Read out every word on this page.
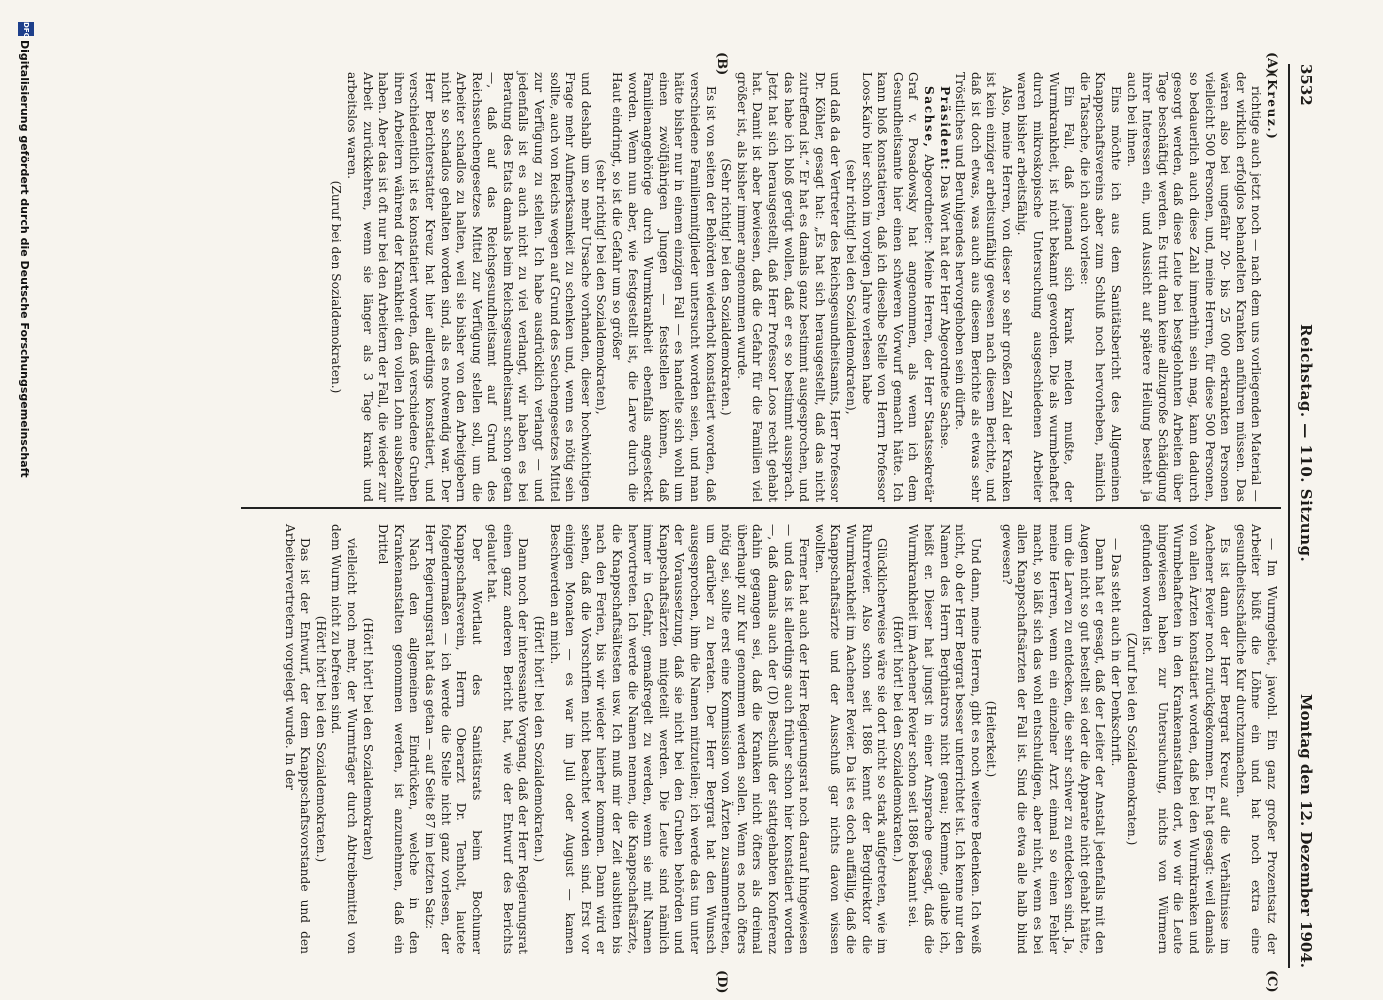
3532
Reichstag. — 110. Sitzung.
Montag den 12. Dezember 1904.
(A)
(B)
(C)
(D)

(Kreuz.)

richtige auch jetzt noch — nach dem uns vorliegenden Material — der wirklich erfolglos behandelten Kranken anführen müssen. Das wären also bei ungefähr 20- bis 25 000 erkrankten Personen vielleicht 500 Personen, und, meine Herren, für diese 500 Personen, so bedauerlich auch diese Zahl immerhin sein mag, kann dadurch gesorgt werden, daß diese Leute bei bestgelohnten Arbeiten über Tage beschäftigt werden. Es tritt dann keine allzugroße Schädigung ihrer Interessen ein, und Aussicht auf spätere Heilung besteht ja auch bei ihnen.

Eins möchte ich aus dem Sanitätsbericht des Allgemeinen Knappschaftsvereins aber zum Schluß noch hervorheben, nämlich die Tatsache, die ich auch vorlese:

Ein Fall, daß jemand sich krank melden mußte, der Wurmkrankheit, ist nicht bekannt geworden. Die als wurmbehaftet durch mikroskopische Untersuchung ausgeschiedenen Arbeiter waren bisher arbeitsfähig.

Also, meine Herren, von dieser so sehr großen Zahl der Kranken ist kein einziger arbeitsunfähig gewesen nach diesem Berichte, und daß ist doch etwas, was auch aus diesem Berichte als etwas sehr Tröstliches und Beruhigendes hervorgehoben sein dürfte.

Präsident: Das Wort hat der Herr Abgeordnete Sachse.

Sachse, Abgeordneter: Meine Herren, der Herr Staatssekretär Graf v. Posadowsky hat angenommen, als wenn ich dem Gesundheitsamte hier einen schweren Vorwurf gemacht hätte. Ich kann bloß konstatieren, daß ich dieselbe Stelle von Herrn Professor Loos-Kairo hier schon im vorigen Jahre verlesen habe

(sehr richtig! bei den Sozialdemokraten),

und daß da der Vertreter des Reichsgesundheitsamts, Herr Professor Dr. Köhler, gesagt hat: „Es hat sich herausgestellt, daß das nicht zutreffend ist.“ Er hat es damals ganz bestimmt ausgesprochen, und das habe ich bloß gerügt wollen, daß er es so bestimmt aussprach. Jetzt hat sich herausgestellt, daß Herr Professor Loos recht gehabt hat. Damit ist aber bewiesen, daß die Gefahr für die Familien viel größer ist, als bisher immer angenommen wurde.

(Sehr richtig! bei den Sozialdemokraten.)

Es ist von seiten der Behörden wiederholt konstatiert worden, daß verschiedene Familienmitglieder untersucht worden seien, und man hätte bisher nur in einem einzigen Fall — es handelte sich wohl um einen zwölfjährigen Jungen — feststellen können, daß Familienangehörige durch Wurmkrankheit ebenfalls angesteckt worden. Wenn nun aber, wie festgestellt ist, die Larve durch die Haut eindringt, so ist die Gefahr um so größer

(sehr richtig! bei den Sozialdemokraten),

und deshalb um so mehr Ursache vorhanden, dieser hochwichtigen Frage mehr Aufmerksamkeit zu schenken und, wenn es nötig sein sollte, auch von Reichs wegen auf Grund des Seuchengesetzes Mittel zur Verfügung zu stellen. Ich habe ausdrücklich verlangt — und jedenfalls ist es auch nicht zu viel verlangt, wir haben es bei Beratung des Etats damals beim Reichsgesundheitsamt schon getan —, daß auf das Reichsgesundheitsamt auf Grund des Reichsseuchengesetzes Mittel zur Verfügung stellen soll, um die Arbeiter schadlos zu halten, weil sie bisher von den Arbeitgebern nicht so schadlos gehalten worden sind, als es notwendig war. Der Herr Berichterstatter Kreuz hat hier allerdings konstatiert, und verschiedentlich ist es konstatiert worden, daß verschiedene Gruben ihren Arbeitern während der Krankheit den vollen Lohn ausbezahlt haben. Aber das ist oft nur bei den Arbeitern der Fall, die wieder zur Arbeit zurückkehren, wenn sie länger als 3 Tage krank und arbeitslos waren.

(Zuruf bei den Sozialdemokraten.)

— Im Wurmgebiet, jawohl. Ein ganz großer Prozentsatz der Arbeiter büßt die Löhne ein und hat noch extra eine gesundheitsschädliche Kur durchzumachen.

Es ist dann der Herr Bergrat Kreuz auf die Verhältnisse im Aachener Revier noch zurückgekommen. Er hat gesagt: weil damals von allen Ärzten konstatiert worden, daß bei den Wurmkranken und Wurmbehafteten in den Krankenanstalten dort, wo wir die Leute hingewiesen haben zur Untersuchung, nichts von Würmern gefunden worden ist.

(Zuruf bei den Sozialdemokraten.)

— Das steht auch in der Denkschrift.

Dann hat er gesagt, daß der Leiter der Anstalt jedenfalls mit den Augen nicht so gut bestellt sei oder die Apparate nicht gehabt hätte, um die Larven zu entdecken, die sehr schwer zu entdecken sind. Ja, meine Herren, wenn ein einzelner Arzt einmal so einen Fehler macht, so läßt sich das wohl entschuldigen, aber nicht, wenn es bei allen Knappschaftsärzten der Fall ist. Sind die etwa alle halb blind gewesen?

(Heiterkeit.)

Und dann, meine Herren, gibt es noch weitere Bedenken. Ich weiß nicht, ob der Herr Bergrat besser unterrichtet ist. Ich kenne nur den Namen des Herrn Berghiatrors nicht genau; Klemme, glaube ich, heißt er. Dieser hat jungst in einer Ansprache gesagt, daß die Wurmkrankheit im Aachener Revier schon seit 1886 bekannt sei.

(Hört! hört! bei den Sozialdemokraten.)

Glücklicherweise wäre sie dort nicht so stark aufgetreten, wie im Ruhrrevier. Also schon seit 1886 kennt der Bergdirektor die Wurmkrankheit im Aachener Revier. Da ist es doch auffällig, daß die Knappschaftsärzte und der Ausschuß gar nichts davon wissen wollten.

Ferner hat auch der Herr Regierungsrat noch darauf hingewiesen — und das ist allerdings auch früher schon hier konstatiert worden —, daß damals auch der (D) Beschluß der stattgehabten Konferenz dahin gegangen sei, daß die Kranken nicht öfters als dreimal überhaupt zur Kur genommen werden sollen. Wenn es noch öfters nötig sei, sollte erst eine Kommission von Ärzten zusammentreten, um darüber zu beraten. Der Herr Bergrat hat den Wunsch ausgesprochen, ihm die Namen mitzuteilen; ich werde das tun unter der Voraussetzung, daß sie nicht bei den Gruben behörden und Knappschaftsärzten mitgeteilt werden. Die Leute sind nämlich immer in Gefahr, gemaßregelt zu werden, wenn sie mit Namen hervortreten. Ich werde die Namen nennen, die Knappschaftsärzte, die Knappschaftsältesten usw. Ich muß mir der Zeit ausbitten bis nach den Ferien, bis wir wieder hierher kommen. Dann wird er sehen, daß die Vorschriften nicht beachtet worden sind. Erst vor einigen Monaten — es war im Juli oder August — kamen Beschwerden an mich.

(Hört! hört! bei den Sozialdemokraten.)

Dann noch der interessante Vorgang, daß der Herr Regierungsrat einen ganz anderen Bericht hat, wie der Entwurf des Berichts gelautet hat.

Der Wortlaut des Sanitätsrats beim Bochumer Knappschaftsverein, Herrn Oberarzt Dr. Tenholt, lautete folgendermaßen — ich werde die Stelle nicht ganz vorlesen, der Herr Regierungsrat hat das getan — auf Seite 87 im letzten Satz:

Nach den allgemeinen Eindrücken, welche in den Krankenanstalten genommen werden, ist anzunehmen, daß ein Drittel

(Hört! hört! bei den Sozialdemokraten)

vielleicht noch mehr, der Wurmträger durch Abtreibemittel von dem Wurm nicht zu befreien sind.

(Hört! hört! bei den Sozialdemokraten.)

Das ist der Entwurf, der dem Knappschaftsvorstande und den Arbeitervertretern vorgelegt wurde. In der

DFG
Digitalisierung gefördert durch die Deutsche Forschungsgemeinschaft
